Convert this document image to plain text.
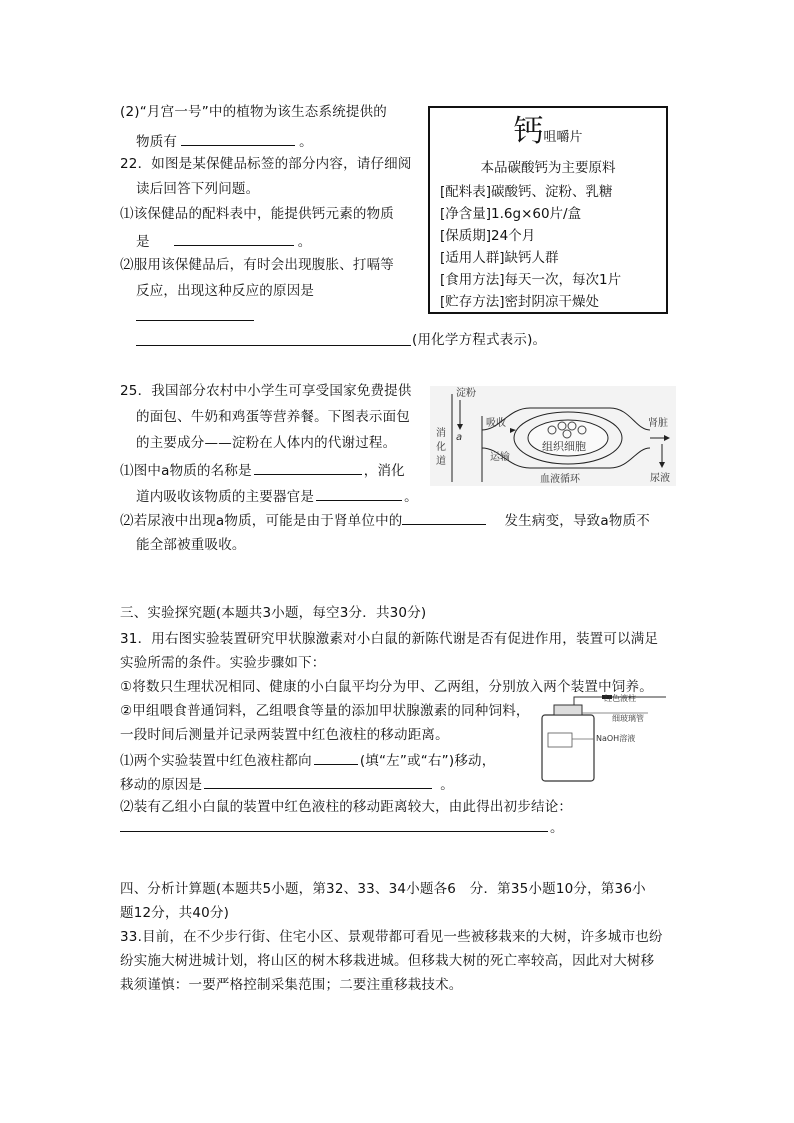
(2)“月宫一号”中的植物为该生态系统提供的
物质有	。
22．如图是某保健品标签的部分内容，请仔细阅
读后回答下列问题。
⑴该保健品的配料表中，能提供钙元素的物质
是	。
⑵服用该保健品后，有时会出现腹胀、打嗝等
反应，出现这种反应的原因是
(用化学方程式表示)。
钙咀嚼片
本品碳酸钙为主要原料
[配料表]碳酸钙、淀粉、乳糖
[净含量]1.6g×60片/盒
[保质期]24个月
[适用人群]缺钙人群
[食用方法]每天一次，每次1片
[贮存方法]密封阴凉干燥处
25．我国部分农村中小学生可享受国家免费提供
的面包、牛奶和鸡蛋等营养餐。下图表示面包
的主要成分——淀粉在人体内的代谢过程。
⑴图中a物质的名称是	，消化
道内吸收该物质的主要器官是	。
⑵若尿液中出现a物质，可能是由于肾单位中的	发生病变，导致a物质不
能全部被重吸收。
淀粉
消
化
道
a
吸收
运输
组织细胞
血液循环
肾脏
尿液
三、实验探究题(本题共3小题，每空3分．共30分)
31．用右图实验装置研究甲状腺激素对小白鼠的新陈代谢是否有促进作用，装置可以满足
实验所需的条件。实验步骤如下：
①将数只生理状况相同、健康的小白鼠平均分为甲、乙两组，分别放入两个装置中饲养。
②甲组喂食普通饲料，乙组喂食等量的添加甲状腺激素的同种饲料，
一段时间后测量并记录两装置中红色液柱的移动距离。
⑴两个实验装置中红色液柱都向	(填“左”或“右”)移动，
移动的原因是	。
⑵装有乙组小白鼠的装置中红色液柱的移动距离较大，由此得出初步结论：
。
红色液柱
细玻璃管
NaOH溶液
四、分析计算题(本题共5小题，第32、33、34小题各6　分．第35小题10分，第36小
题12分，共40分)
33.目前，在不少步行街、住宅小区、景观带都可看见一些被移栽来的大树，许多城市也纷
纷实施大树进城计划，将山区的树木移栽进城。但移栽大树的死亡率较高，因此对大树移
栽须谨慎：一要严格控制采集范围；二要注重移栽技术。
